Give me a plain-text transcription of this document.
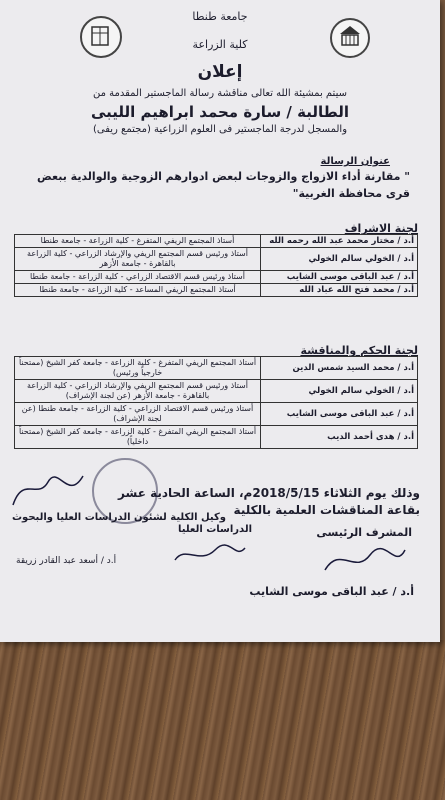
جامعة طنطا
كلية الزراعة
إعلان
سيتم بمشيئة الله تعالى مناقشة رسالة الماجستير المقدمة من
الطالبة / سارة محمد ابراهيم الليبى
والمسجل لدرجة الماجستير فى العلوم الزراعية (مجتمع ريفى)
عنوان الرسالة
" مقارنة أداء الازواج والزوجات لبعض ادوارهم الزوجية والوالدية ببعض قرى محافظة الغربية"
لجنة الاشراف
أ.د / مختار محمد عبد الله رحمه الله	أستاذ المجتمع الريفي المتفرغ - كلية الزراعة - جامعة طنطا
أ.د / الخولي سالم الخولي	أستاذ ورئيس قسم المجتمع الريفي والإرشاد الزراعي - كلية الزراعة بالقاهرة - جامعة الأزهر
أ.د / عبد الباقى موسى الشايب	أستاذ ورئيس قسم الاقتصاد الزراعي - كلية الزراعة - جامعة طنطا
أ.د / محمد فتح الله عباد الله	أستاذ المجتمع الريفي المساعد - كلية الزراعة - جامعة طنطا
لجنة الحكم والمناقشة
أ.د / محمد السيد شمس الدين	أستاذ المجتمع الريفي المتفرغ - كلية الزراعة - جامعة كفر الشيخ (ممتحناً خارجياً ورئيس)
أ.د / الخولي سالم الخولي	أستاذ ورئيس قسم المجتمع الريفي والإرشاد الزراعي - كلية الزراعة بالقاهرة - جامعة الأزهر (عن لجنة الإشراف)
أ.د / عبد الباقى موسى الشايب	أستاذ ورئيس قسم الاقتصاد الزراعي - كلية الزراعة - جامعة طنطا (عن لجنة الإشراف)
أ.د / هدى أحمد الديب	أستاذ المجتمع الريفي المتفرغ - كلية الزراعة - جامعة كفر الشيخ (ممتحناً داخلياً)
وذلك يوم الثلاثاء 2018/5/15م، الساعة الحادية عشر
بقاعة المناقشات العلمية بالكلية
المشرف الرئيسى
أ.د / عبد الباقى موسى الشايب
الدراسات العليا
وكيل الكلية لشئون الدراسات العليا والبحوث
أ.د / أسعد عبد القادر زريقة
